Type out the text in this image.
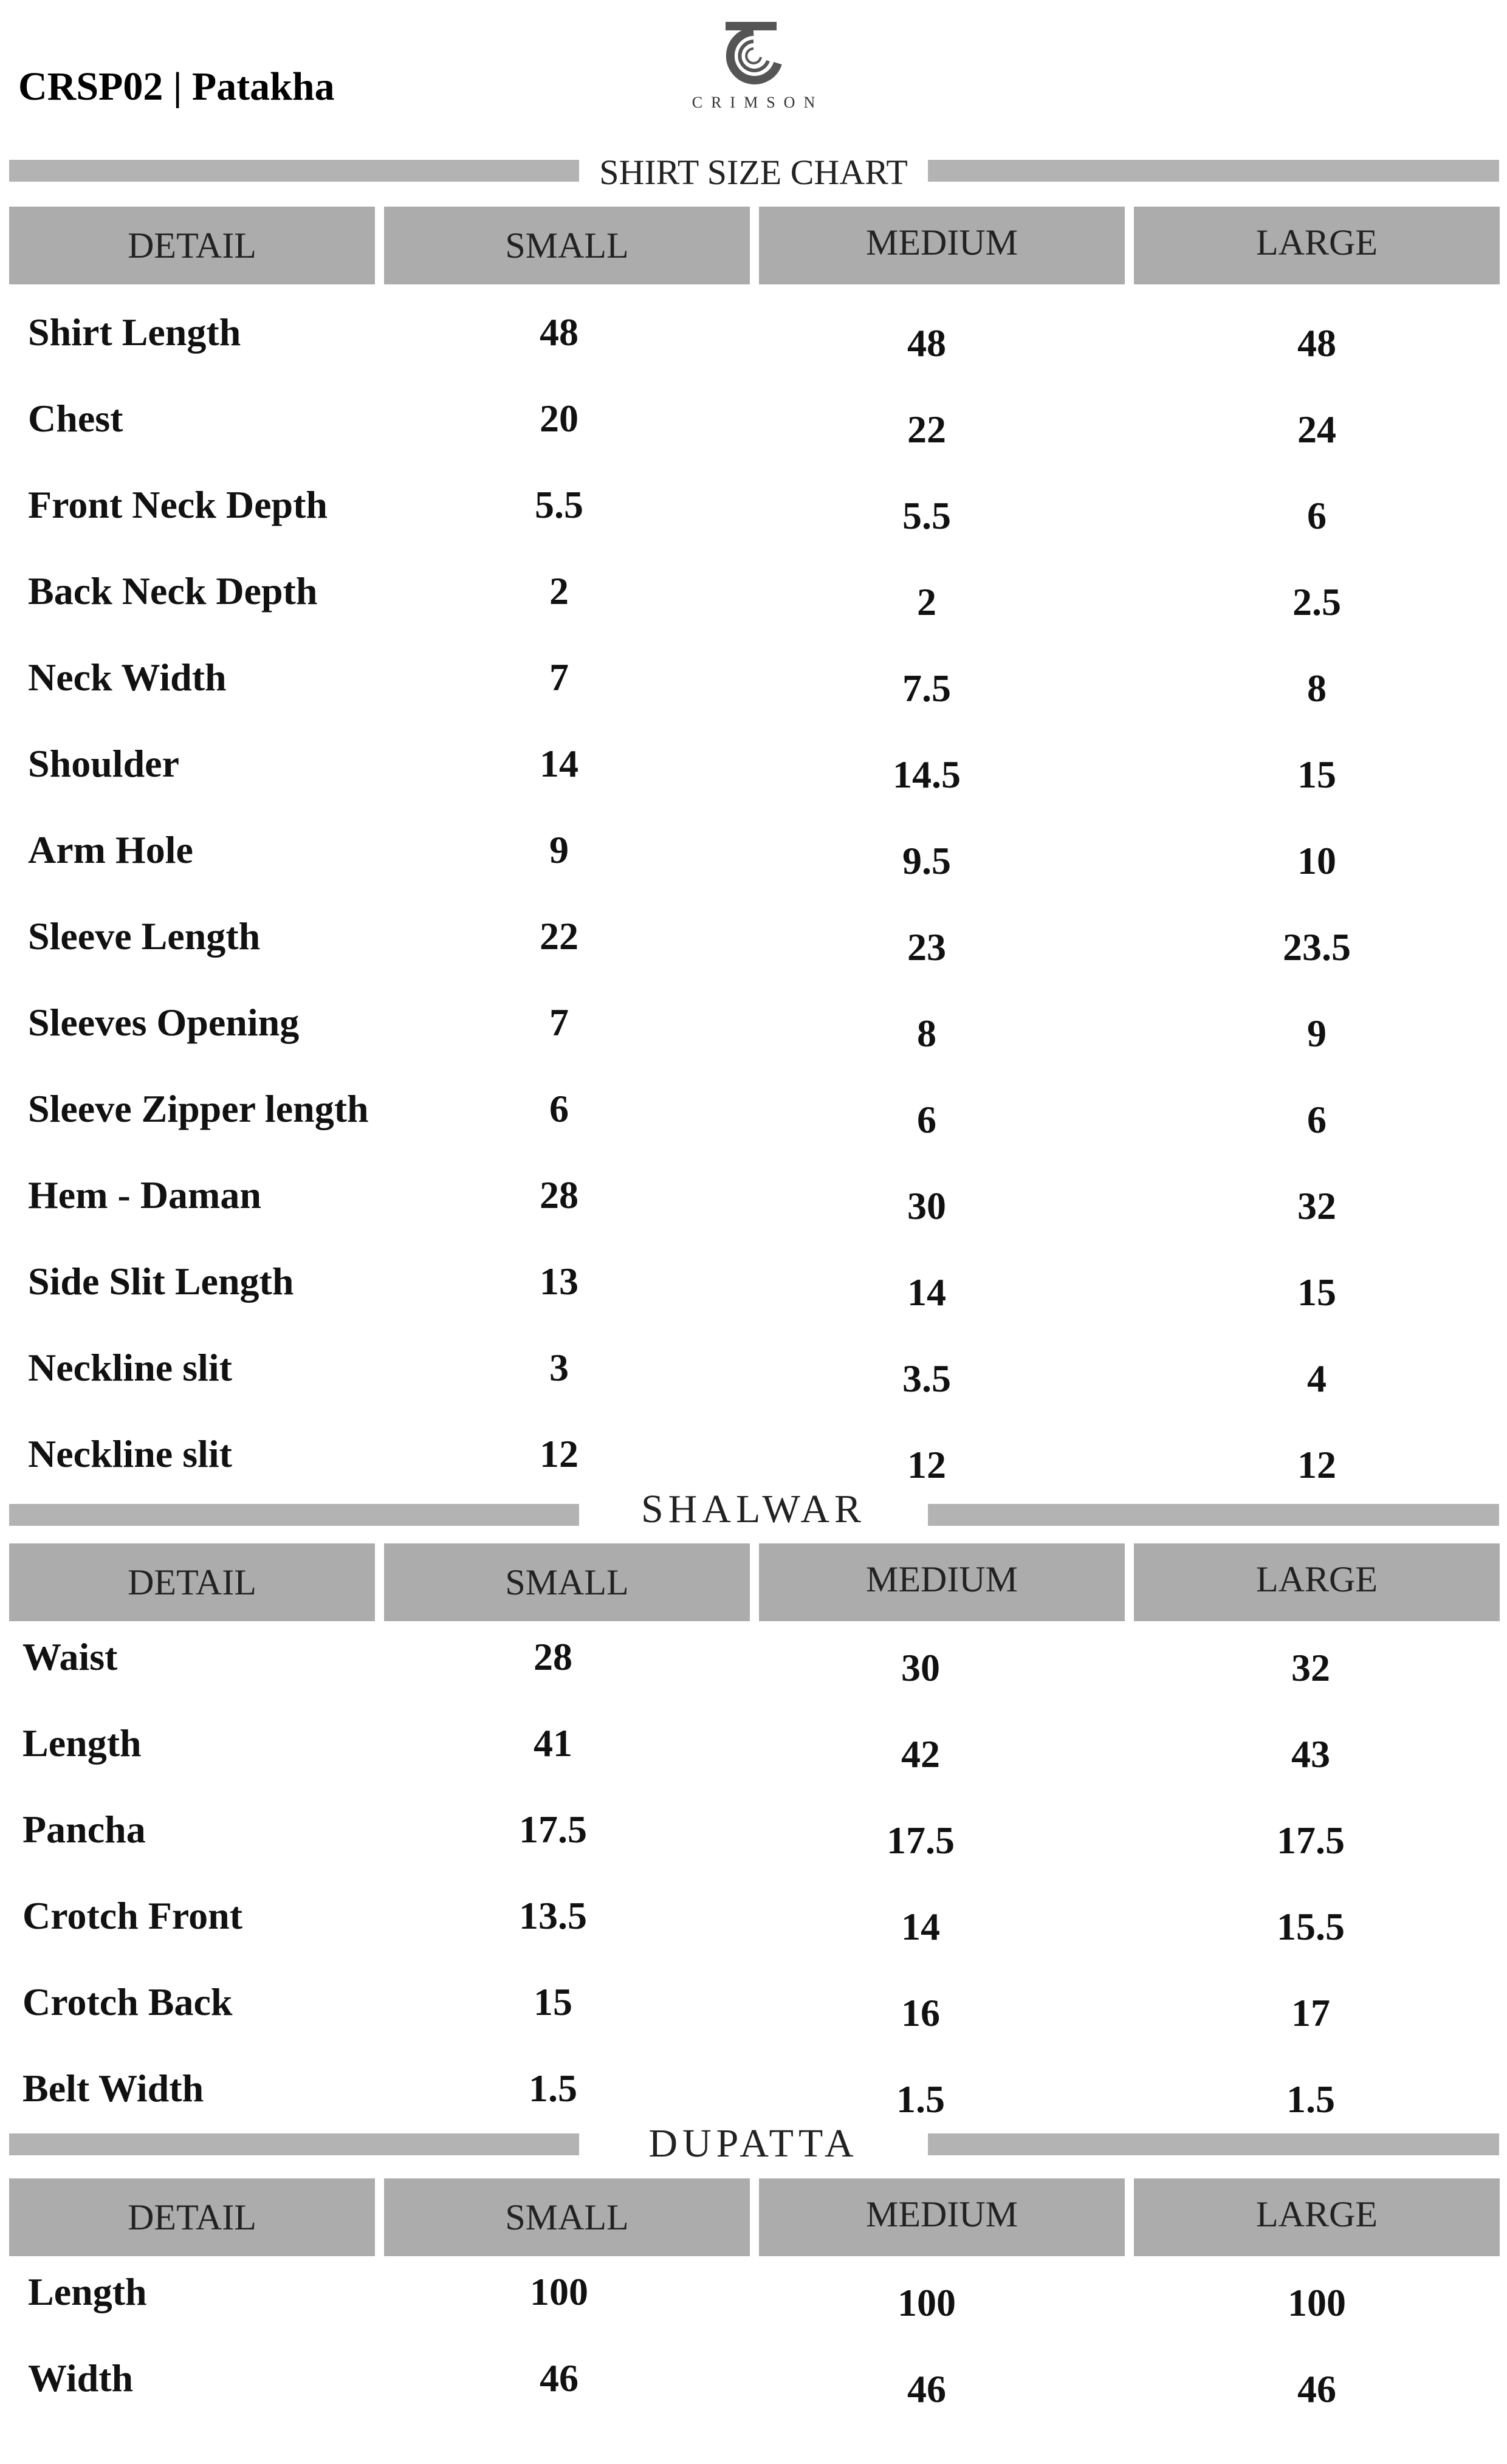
CRSP02 | Patakha	CRIMSON
SHIRT SIZE CHART
DETAIL	SMALL	MEDIUM	LARGE
Shirt Length	48	48	48
Chest	20	22	24
Front Neck Depth	5.5	5.5	6
Back Neck Depth	2	2	2.5
Neck Width	7	7.5	8
Shoulder	14	14.5	15
Arm Hole	9	9.5	10
Sleeve Length	22	23	23.5
Sleeves Opening	7	8	9
Sleeve Zipper length	6	6	6
Hem - Daman	28	30	32
Side Slit Length	13	14	15
Neckline slit	3	3.5	4
Neckline slit	12	12	12
SHALWAR
DETAIL	SMALL	MEDIUM	LARGE
Waist	28	30	32
Length	41	42	43
Pancha	17.5	17.5	17.5
Crotch Front	13.5	14	15.5
Crotch Back	15	16	17
Belt Width	1.5	1.5	1.5
DUPATTA
DETAIL	SMALL	MEDIUM	LARGE
Length	100	100	100
Width	46	46	46
